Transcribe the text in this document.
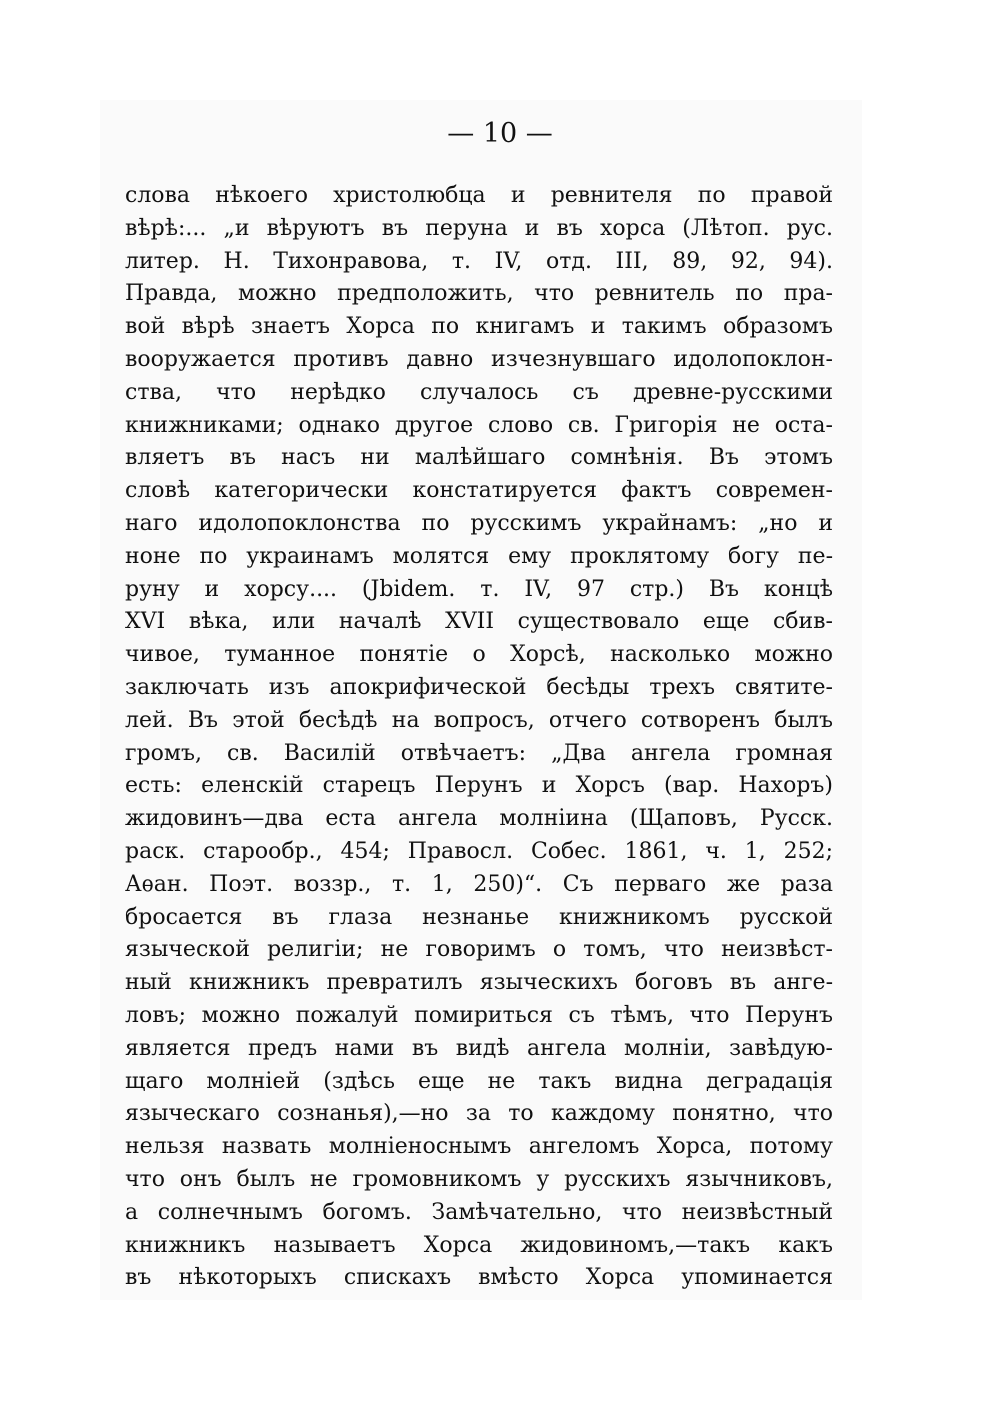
— 10 —
слова нѣкоего христолюбца и ревнителя по правой
вѣрѣ:... „и вѣруютъ въ перуна и въ хорса (Лѣтоп. рус.
литер. Н. Тихонравова, т. IV, отд. III, 89, 92, 94).
Правда, можно предположить, что ревнитель по пра-
вой вѣрѣ знаетъ Хорса по книгамъ и такимъ образомъ
вооружается противъ давно изчезнувшаго идолопоклон-
ства, что нерѣдко случалось съ древне-русскими
книжниками; однако другое слово св. Григорія не оста-
вляетъ въ насъ ни малѣйшаго сомнѣнія. Въ этомъ
словѣ категорически констатируется фактъ современ-
наго идолопоклонства по русскимъ украйнамъ: „но и
ноне по украинамъ молятся ему проклятому богу пе-
руну и хорсу.... (Jbidem. т. IV, 97 стр.) Въ концѣ
XVI вѣка, или началѣ XVII существовало еще сбив-
чивое, туманное понятіе о Хорсѣ, насколько можно
заключать изъ апокрифической бесѣды трехъ святите-
лей. Въ этой бесѣдѣ на вопросъ, отчего сотворенъ былъ
громъ, св. Василій отвѣчаетъ: „Два ангела громная
есть: еленскій старецъ Перунъ и Хорсъ (вар. Нахоръ)
жидовинъ—два еста ангела молніина (Щаповъ, Русск.
раск. старообр., 454; Правосл. Собес. 1861, ч. 1, 252;
Аѳан. Поэт. воззр., т. 1, 250)“. Съ перваго же раза
бросается въ глаза незнанье книжникомъ русской
языческой религіи; не говоримъ о томъ, что неизвѣст-
ный книжникъ превратилъ языческихъ боговъ въ анге-
ловъ; можно пожалуй помириться съ тѣмъ, что Перунъ
является предъ нами въ видѣ ангела молніи, завѣдую-
щаго молніей (здѣсь еще не такъ видна деградація
языческаго сознанья),—но за то каждому понятно, что
нельзя назвать молніеноснымъ ангеломъ Хорса, потому
что онъ былъ не громовникомъ у русскихъ язычниковъ,
а солнечнымъ богомъ. Замѣчательно, что неизвѣстный
книжникъ называетъ Хорса жидовиномъ,—такъ какъ
въ нѣкоторыхъ спискахъ вмѣсто Хорса упоминается
